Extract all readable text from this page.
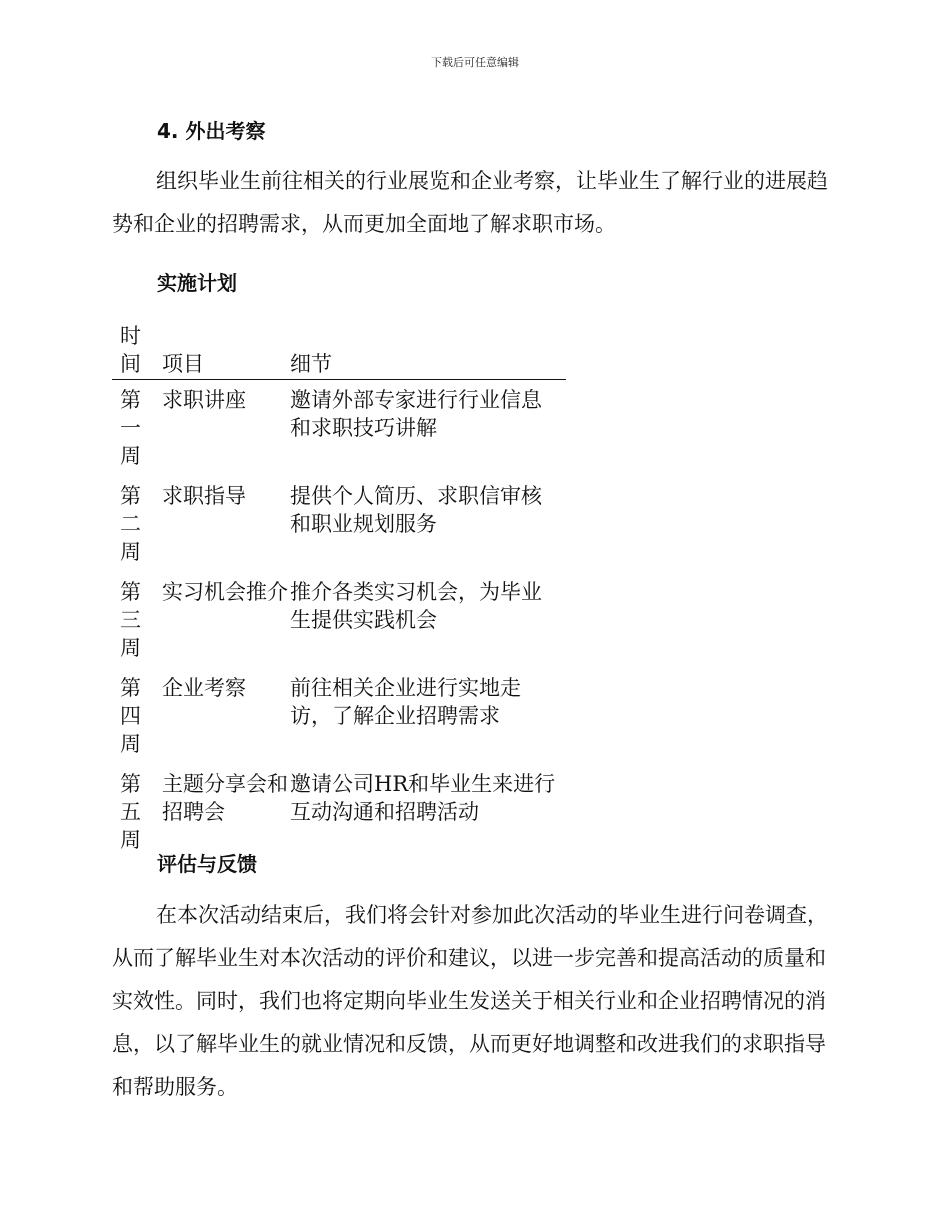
下载后可任意编辑
4. 外出考察

组织毕业生前往相关的行业展览和企业考察，让毕业生了解行业的进展趋势和企业的招聘需求，从而更加全面地了解求职市场。

实施计划
时间	项目	细节

第一周	求职讲座	邀请外部专家进行行业信息和求职技巧讲解

第二周	求职指导	提供个人简历、求职信审核和职业规划服务

第三周	实习机会推介	推介各类实习机会，为毕业生提供实践机会

第四周	企业考察	前往相关企业进行实地走访，了解企业招聘需求

第五周	主题分享会和招聘会	邀请公司HR和毕业生来进行互动沟通和招聘活动
评估与反馈

在本次活动结束后，我们将会针对参加此次活动的毕业生进行问卷调查，从而了解毕业生对本次活动的评价和建议，以进一步完善和提高活动的质量和实效性。同时，我们也将定期向毕业生发送关于相关行业和企业招聘情况的消息，以了解毕业生的就业情况和反馈，从而更好地调整和改进我们的求职指导和帮助服务。
